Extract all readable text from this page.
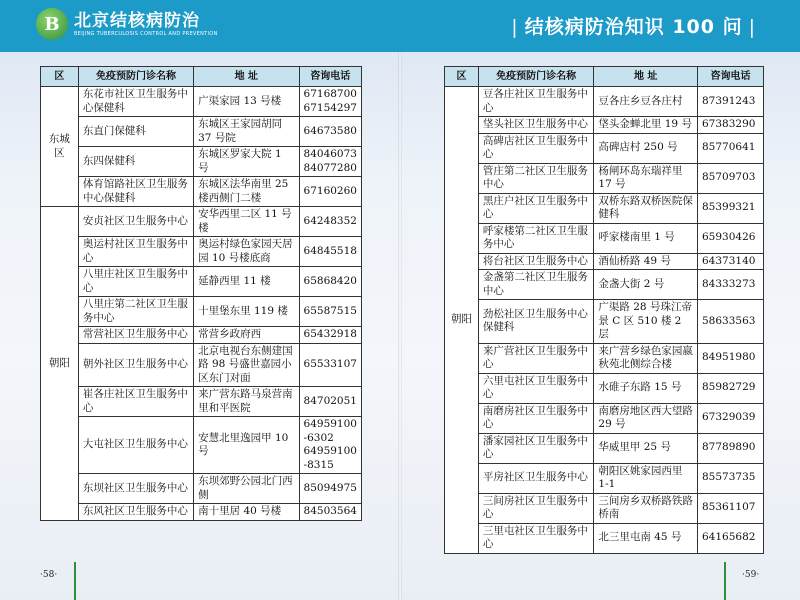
B 北京结核病防治
BEIJING TUBERCULOSIS CONTROL AND PREVENTION	| 结核病防治知识 100 问 |
区	免疫预防门诊名称	地 址	咨询电话
东城区	东花市社区卫生服务中心保健科	广渠家园 13 号楼	67168700
67154297
	东直门保健科	东城区王家园胡同 37 号院	64673580
	东四保健科	东城区罗家大院 1 号	84046073
84077280
	体育馆路社区卫生服务中心保健科	东城区法华南里 25 楼西侧门二楼	67160260
朝阳	安贞社区卫生服务中心	安华西里二区 11 号楼	64248352
	奥运村社区卫生服务中心	奥运村绿色家园天居园 10 号楼底商	64845518
	八里庄社区卫生服务中心	延静西里 11 楼	65868420
	八里庄第二社区卫生服务中心	十里堡东里 119 楼	65587515
	常营社区卫生服务中心	常营乡政府西	65432918
	朝外社区卫生服务中心	北京电视台东侧建国路 98 号盛世嘉园小区东门对面	65533107
	崔各庄社区卫生服务中心	来广营东路马泉营南里和平医院	84702051
	大屯社区卫生服务中心	安慧北里逸园甲 10 号	64959100
-6302
64959100
-8315
	东坝社区卫生服务中心	东坝郊野公园北门西侧	85094975
	东风社区卫生服务中心	南十里居 40 号楼	84503564
区	免疫预防门诊名称	地 址	咨询电话
朝阳	豆各庄社区卫生服务中心	豆各庄乡豆各庄村	87391243
	垡头社区卫生服务中心	垡头金蝉北里 19 号	67383290
	高碑店社区卫生服务中心	高碑店村 250 号	85770641
	管庄第二社区卫生服务中心	杨闸环岛东瑞祥里 17 号	85709703
	黑庄户社区卫生服务中心	双桥东路双桥医院保健科	85399321
	呼家楼第二社区卫生服务中心	呼家楼南里 1 号	65930426
	将台社区卫生服务中心	酒仙桥路 49 号	64373140
	金盏第二社区卫生服务中心	金盏大街 2 号	84333273
	劲松社区卫生服务中心保健科	广渠路 28 号珠江帝景 C 区 510 楼 2 层	58633563
	来广营社区卫生服务中心	来广营乡绿色家园嬴秋苑北侧综合楼	84951980
	六里屯社区卫生服务中心	水碓子东路 15 号	85982729
	南磨房社区卫生服务中心	南磨房地区西大望路 29 号	67329039
	潘家园社区卫生服务中心	华威里甲 25 号	87789890
	平房社区卫生服务中心	朝阳区姚家园西里 1-1	85573735
	三间房社区卫生服务中心	三间房乡双桥路铁路桥南	85361107
	三里屯社区卫生服务中心	北三里屯南 45 号	64165682
·58·	·59·
